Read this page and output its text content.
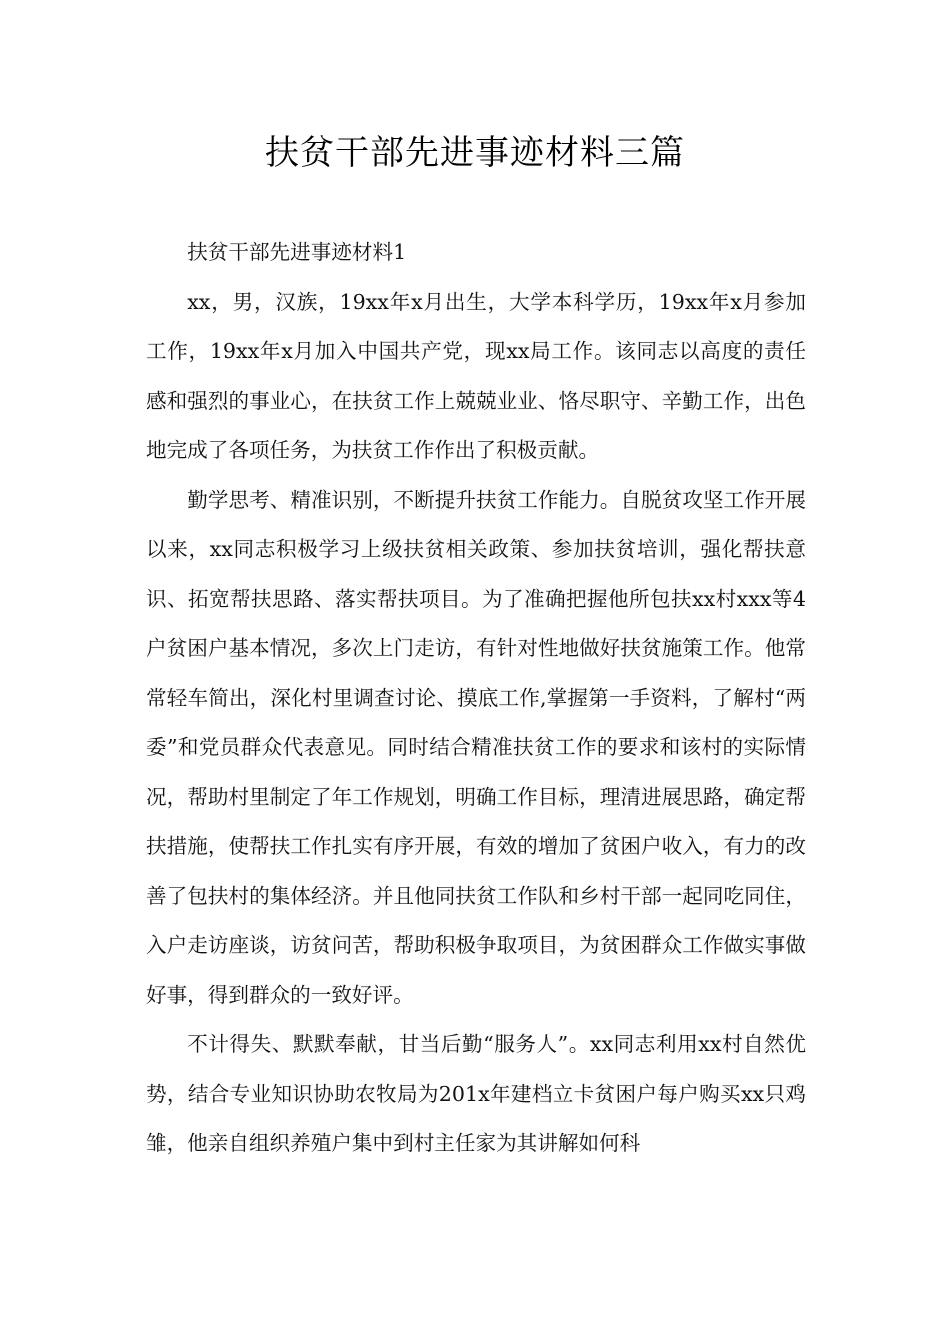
扶贫干部先进事迹材料三篇

扶贫干部先进事迹材料1

xx，男，汉族，19xx年x月出生，大学本科学历，19xx年x月参加工作，19xx年x月加入中国共产党，现xx局工作。该同志以高度的责任感和强烈的事业心，在扶贫工作上兢兢业业、恪尽职守、辛勤工作，出色地完成了各项任务，为扶贫工作作出了积极贡献。

勤学思考、精准识别，不断提升扶贫工作能力。自脱贫攻坚工作开展以来，xx同志积极学习上级扶贫相关政策、参加扶贫培训，强化帮扶意识、拓宽帮扶思路、落实帮扶项目。为了准确把握他所包扶xx村xxx等4户贫困户基本情况，多次上门走访，有针对性地做好扶贫施策工作。他常常轻车简出，深化村里调查讨论、摸底工作,掌握第一手资料，了解村“两委”和党员群众代表意见。同时结合精准扶贫工作的要求和该村的实际情况，帮助村里制定了年工作规划，明确工作目标，理清进展思路，确定帮扶措施，使帮扶工作扎实有序开展，有效的增加了贫困户收入，有力的改善了包扶村的集体经济。并且他同扶贫工作队和乡村干部一起同吃同住，入户走访座谈，访贫问苦，帮助积极争取项目，为贫困群众工作做实事做好事，得到群众的一致好评。

不计得失、默默奉献，甘当后勤“服务人”。xx同志利用xx村自然优势，结合专业知识协助农牧局为201x年建档立卡贫困户每户购买xx只鸡雏，他亲自组织养殖户集中到村主任家为其讲解如何科
